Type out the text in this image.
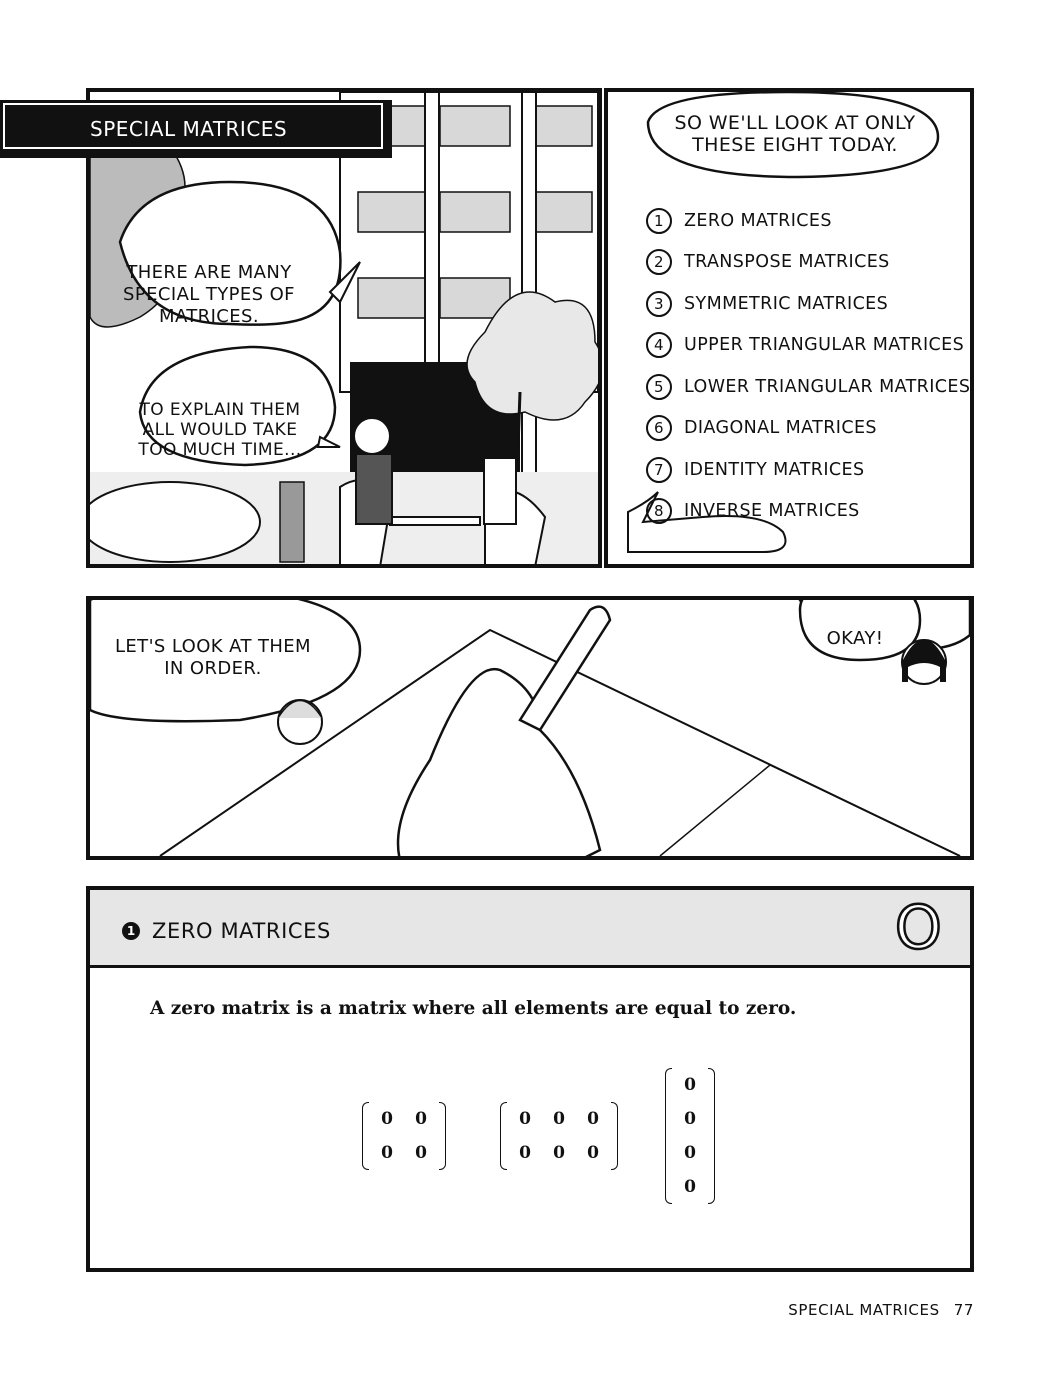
SPECIAL MATRICES
THERE ARE MANY
SPECIAL TYPES OF
MATRICES.
TO EXPLAIN THEM
ALL WOULD TAKE
TOO MUCH TIME...
SO WE'LL LOOK AT ONLY
THESE EIGHT TODAY.
1	ZERO MATRICES
2	TRANSPOSE MATRICES
3	SYMMETRIC MATRICES
4	UPPER TRIANGULAR MATRICES
5	LOWER TRIANGULAR MATRICES
6	DIAGONAL MATRICES
7	IDENTITY MATRICES
8	INVERSE MATRICES
LET'S LOOK AT THEM
IN ORDER.
OKAY!
1 ZERO MATRICES	O
A zero matrix is a matrix where all elements are equal to zero.
0	0
0	0
0	0	0
0	0	0
0
0
0
0
SPECIAL MATRICES 77
